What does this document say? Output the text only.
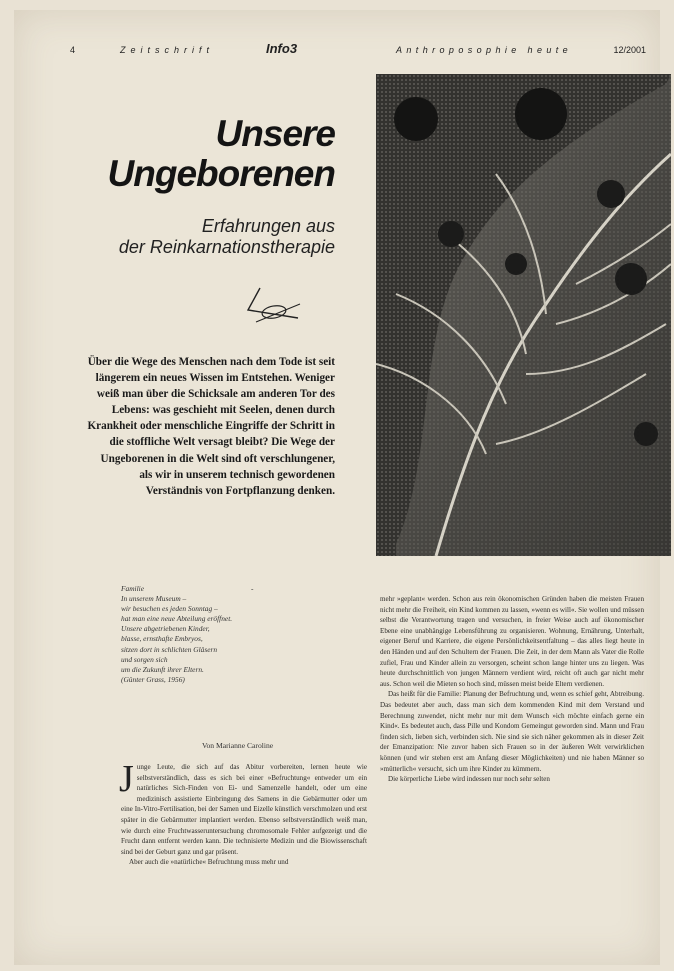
4	Zeitschrift	Info3	Anthroposophie heute	12/2001
Unsere
Ungeborenen
Erfahrungen aus
der Reinkarnationstherapie
Über die Wege des Menschen nach dem Tode ist seit längerem ein neues Wissen im Entstehen. Weniger weiß man über die Schicksale am anderen Tor des Lebens: was geschieht mit Seelen, denen durch Krankheit oder menschliche Eingriffe der Schritt in die stoffliche Welt versagt bleibt? Die Wege der Ungeborenen in die Welt sind oft verschlungener, als wir in unserem technisch gewordenen Verständnis von Fortpflanzung denken.
-
Familie
In unserem Museum –
wir besuchen es jeden Sonntag –
hat man eine neue Abteilung eröffnet.
Unsere abgetriebenen Kinder,
blasse, ernsthafte Embryos,
sitzen dort in schlichten Gläsern
und sorgen sich
um die Zukunft ihrer Eltern.
(Günter Grass, 1956)
Von Marianne Caroline

Junge Leute, die sich auf das Abitur vorbereiten, lernen heute wie selbstverständlich, dass es sich bei einer »Befruchtung« entweder um ein natürliches Sich-Finden von Ei- und Samenzelle handelt, oder um eine medizinisch assistierte Einbringung des Samens in die Gebärmutter oder um eine In-Vitro-Fertilisation, bei der Samen und Eizelle künstlich verschmolzen und erst später in die Gebärmutter implantiert werden. Ebenso selbstverständlich weiß man, wie durch eine Fruchtwasseruntersuchung chromosomale Fehler aufgezeigt und die Frucht dann entfernt werden kann. Die technisierte Medizin und die Biowissenschaft sind bei der Geburt ganz und gar präsent.

Aber auch die »natürliche« Befruchtung muss mehr und

mehr »geplant« werden. Schon aus rein ökonomischen Gründen haben die meisten Frauen nicht mehr die Freiheit, ein Kind kommen zu lassen, »wenn es will«. Sie wollen und müssen selbst die Verantwortung tragen und versuchen, in freier Weise auch auf ökonomischer Ebene eine unabhängige Lebensführung zu organisieren. Wohnung, Ernährung, Unterhalt, eigener Beruf und Karriere, die eigene Persönlichkeitsentfaltung – das alles liegt heute in den Händen und auf den Schultern der Frauen. Die Zeit, in der dem Mann als Vater die Rolle zufiel, Frau und Kinder allein zu versorgen, scheint schon lange hinter uns zu liegen. Was heute durchschnittlich von jungen Männern verdient wird, reicht oft auch gar nicht mehr aus. Schon weil die Mieten so hoch sind, müssen meist beide Eltern verdienen.

Das heißt für die Familie: Planung der Befruchtung und, wenn es schief geht, Abtreibung. Das bedeutet aber auch, dass man sich dem kommenden Kind mit dem Verstand und Berechnung zuwendet, nicht mehr nur mit dem Wunsch »ich möchte einfach gerne ein Kind«. Es bedeutet auch, dass Pille und Kondom Gemeingut geworden sind. Mann und Frau finden sich, lieben sich, verbinden sich. Nie sind sie sich näher gekommen als in dieser Zeit der Emanzipation: Nie zuvor haben sich Frauen so in der äußeren Welt verwirklichen können (und wir stehen erst am Anfang dieser Möglichkeiten) und nie haben Männer so »mütterlich« versucht, sich um ihre Kinder zu kümmern.

Die körperliche Liebe wird indessen nur noch sehr selten
